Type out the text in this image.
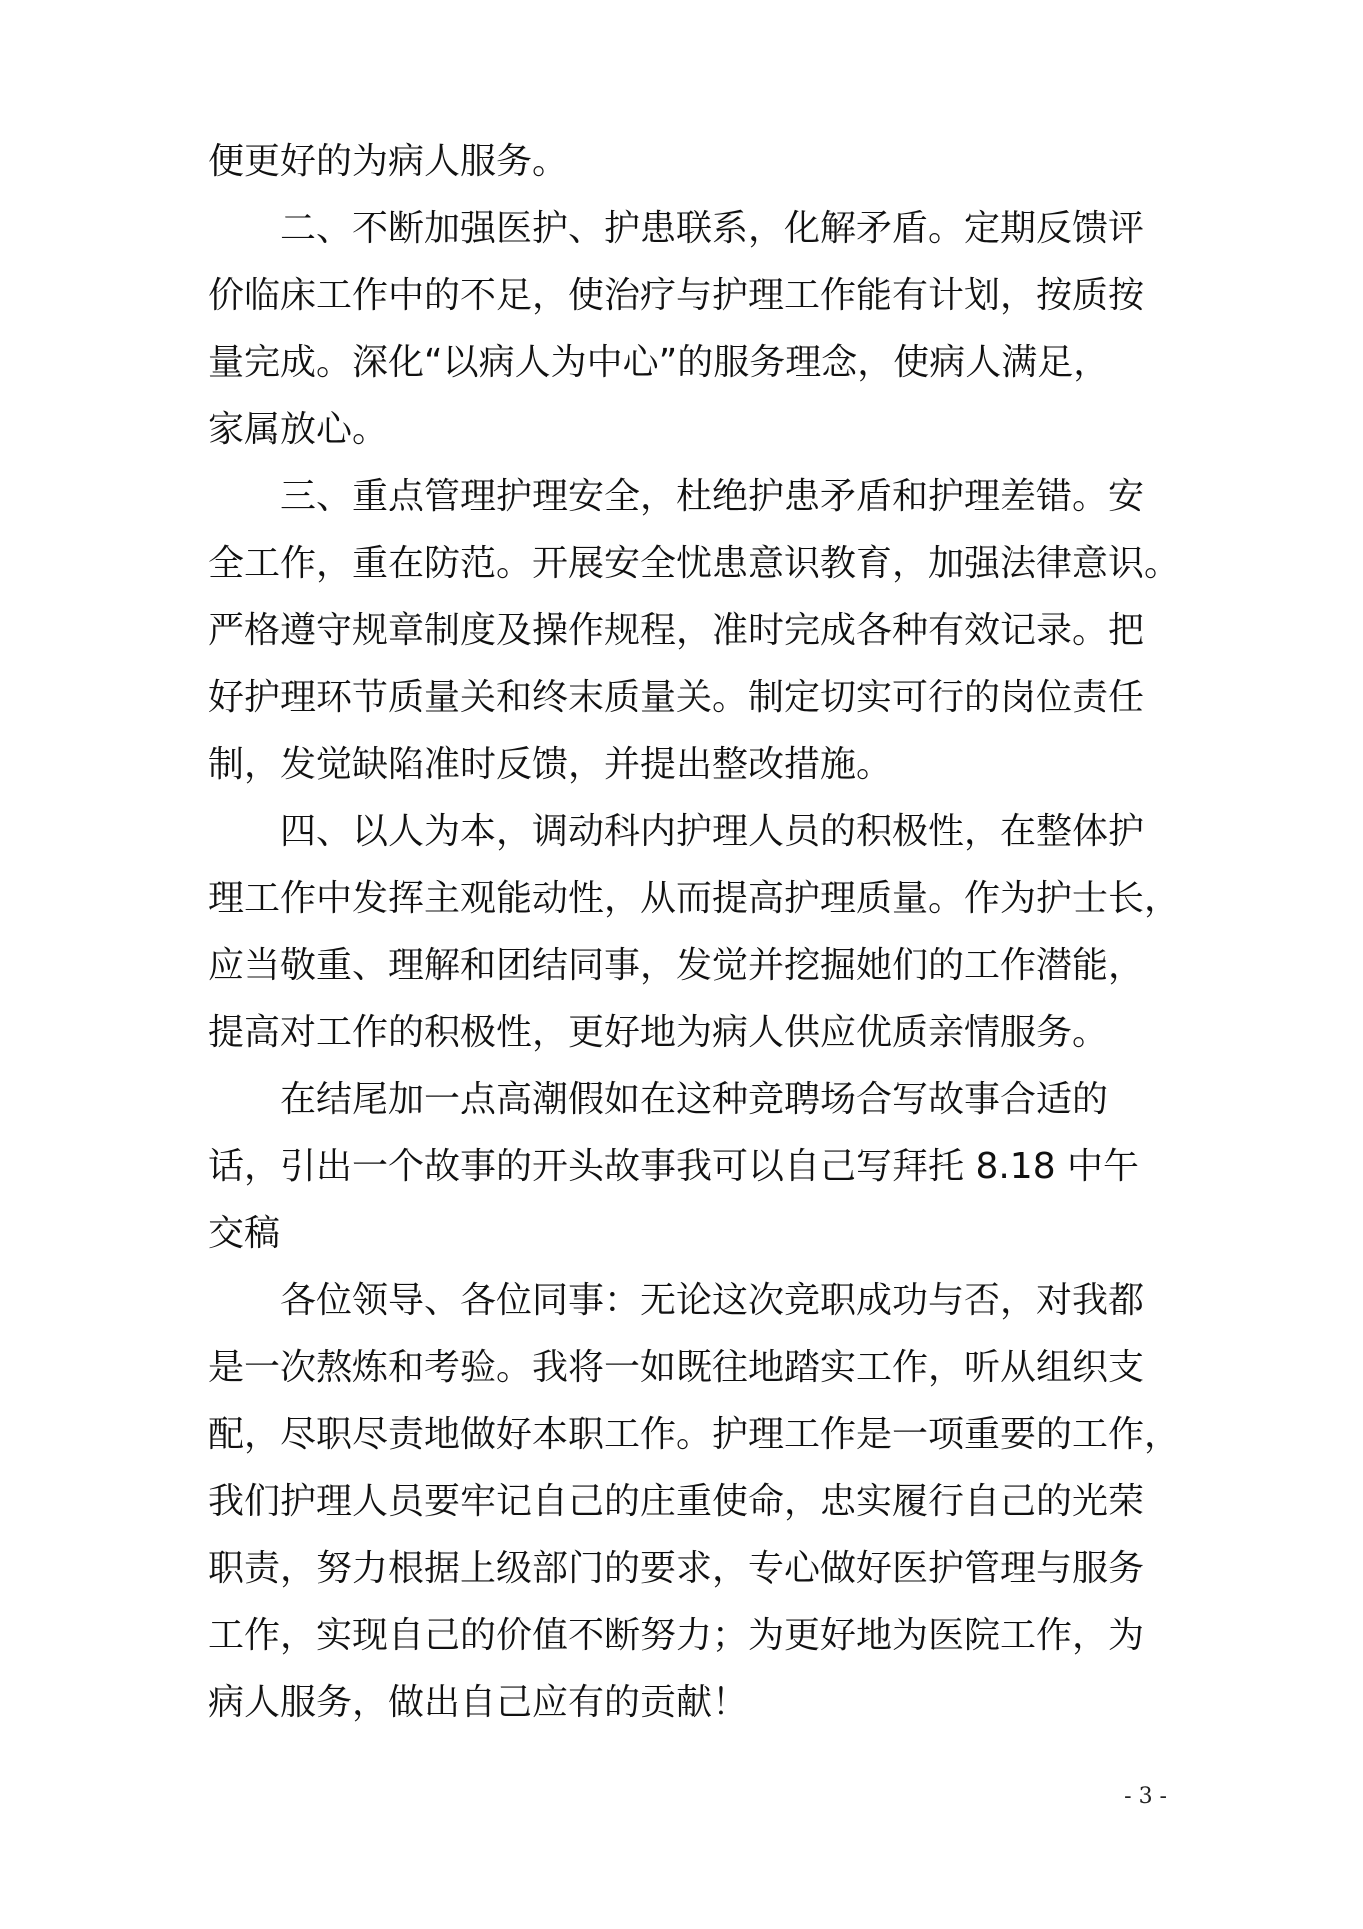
便更好的为病人服务。
二、不断加强医护、护患联系，化解矛盾。定期反馈评
价临床工作中的不足，使治疗与护理工作能有计划，按质按
量完成。深化“以病人为中心”的服务理念，使病人满足，
家属放心。
三、重点管理护理安全，杜绝护患矛盾和护理差错。安
全工作，重在防范。开展安全忧患意识教育，加强法律意识。
严格遵守规章制度及操作规程，准时完成各种有效记录。把
好护理环节质量关和终末质量关。制定切实可行的岗位责任
制，发觉缺陷准时反馈，并提出整改措施。
四、以人为本，调动科内护理人员的积极性，在整体护
理工作中发挥主观能动性，从而提高护理质量。作为护士长，
应当敬重、理解和团结同事，发觉并挖掘她们的工作潜能，
提高对工作的积极性，更好地为病人供应优质亲情服务。
在结尾加一点高潮假如在这种竞聘场合写故事合适的
话，引出一个故事的开头故事我可以自己写拜托 8.18 中午
交稿
各位领导、各位同事：无论这次竞职成功与否，对我都
是一次熬炼和考验。我将一如既往地踏实工作，听从组织支
配，尽职尽责地做好本职工作。护理工作是一项重要的工作，
我们护理人员要牢记自己的庄重使命，忠实履行自己的光荣
职责，努力根据上级部门的要求，专心做好医护管理与服务
工作，实现自己的价值不断努力；为更好地为医院工作，为
病人服务，做出自己应有的贡献！
- 3 -
